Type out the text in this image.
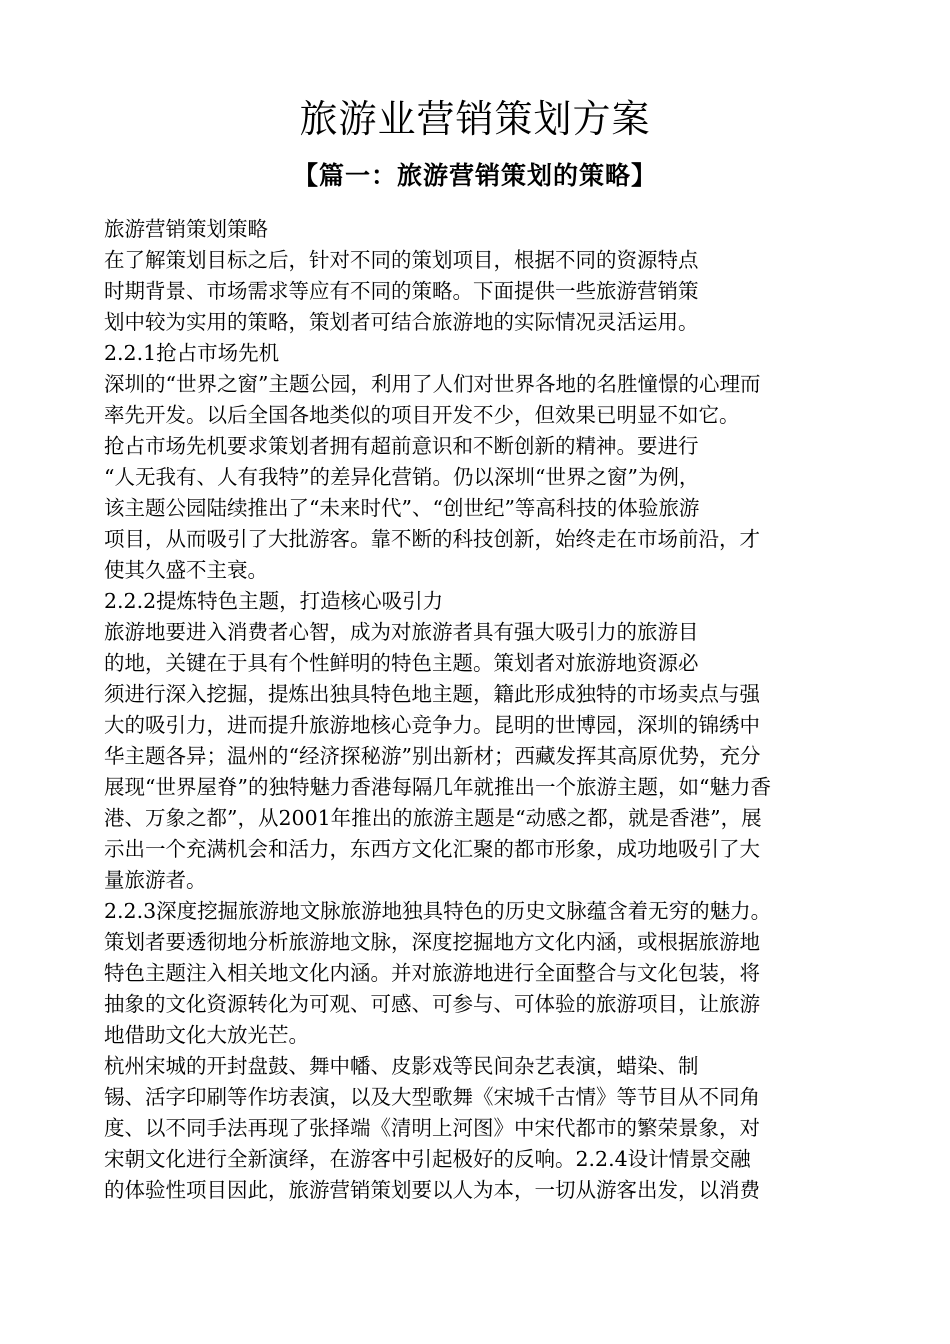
旅游业营销策划方案
【篇一：旅游营销策划的策略】
旅游营销策划策略
在了解策划目标之后，针对不同的策划项目，根据不同的资源特点
时期背景、市场需求等应有不同的策略。下面提供一些旅游营销策
划中较为实用的策略，策划者可结合旅游地的实际情况灵活运用。
2.2.1抢占市场先机
深圳的“世界之窗”主题公园，利用了人们对世界各地的名胜憧憬的心理而
率先开发。以后全国各地类似的项目开发不少，但效果已明显不如它。
抢占市场先机要求策划者拥有超前意识和不断创新的精神。要进行
“人无我有、人有我特”的差异化营销。仍以深圳“世界之窗”为例，
该主题公园陆续推出了“未来时代”、“创世纪”等高科技的体验旅游
项目，从而吸引了大批游客。靠不断的科技创新，始终走在市场前沿，才
使其久盛不主衰。
2.2.2提炼特色主题，打造核心吸引力
旅游地要进入消费者心智，成为对旅游者具有强大吸引力的旅游目
的地，关键在于具有个性鲜明的特色主题。策划者对旅游地资源必
须进行深入挖掘，提炼出独具特色地主题，籍此形成独特的市场卖点与强
大的吸引力，进而提升旅游地核心竞争力。昆明的世博园，深圳的锦绣中
华主题各异；温州的“经济探秘游”别出新材；西藏发挥其高原优势，充分
展现“世界屋脊”的独特魅力香港每隔几年就推出一个旅游主题，如“魅力香
港、万象之都”，从2001年推出的旅游主题是“动感之都，就是香港”，展
示出一个充满机会和活力，东西方文化汇聚的都市形象，成功地吸引了大
量旅游者。
2.2.3深度挖掘旅游地文脉旅游地独具特色的历史文脉蕴含着无穷的魅力。
策划者要透彻地分析旅游地文脉，深度挖掘地方文化内涵，或根据旅游地
特色主题注入相关地文化内涵。并对旅游地进行全面整合与文化包装，将
抽象的文化资源转化为可观、可感、可参与、可体验的旅游项目，让旅游
地借助文化大放光芒。
杭州宋城的开封盘鼓、舞中幡、皮影戏等民间杂艺表演，蜡染、制
锡、活字印刷等作坊表演，以及大型歌舞《宋城千古情》等节目从不同角
度、以不同手法再现了张择端《清明上河图》中宋代都市的繁荣景象，对
宋朝文化进行全新演绎，在游客中引起极好的反响。2.2.4设计情景交融
的体验性项目因此，旅游营销策划要以人为本，一切从游客出发，以消费
